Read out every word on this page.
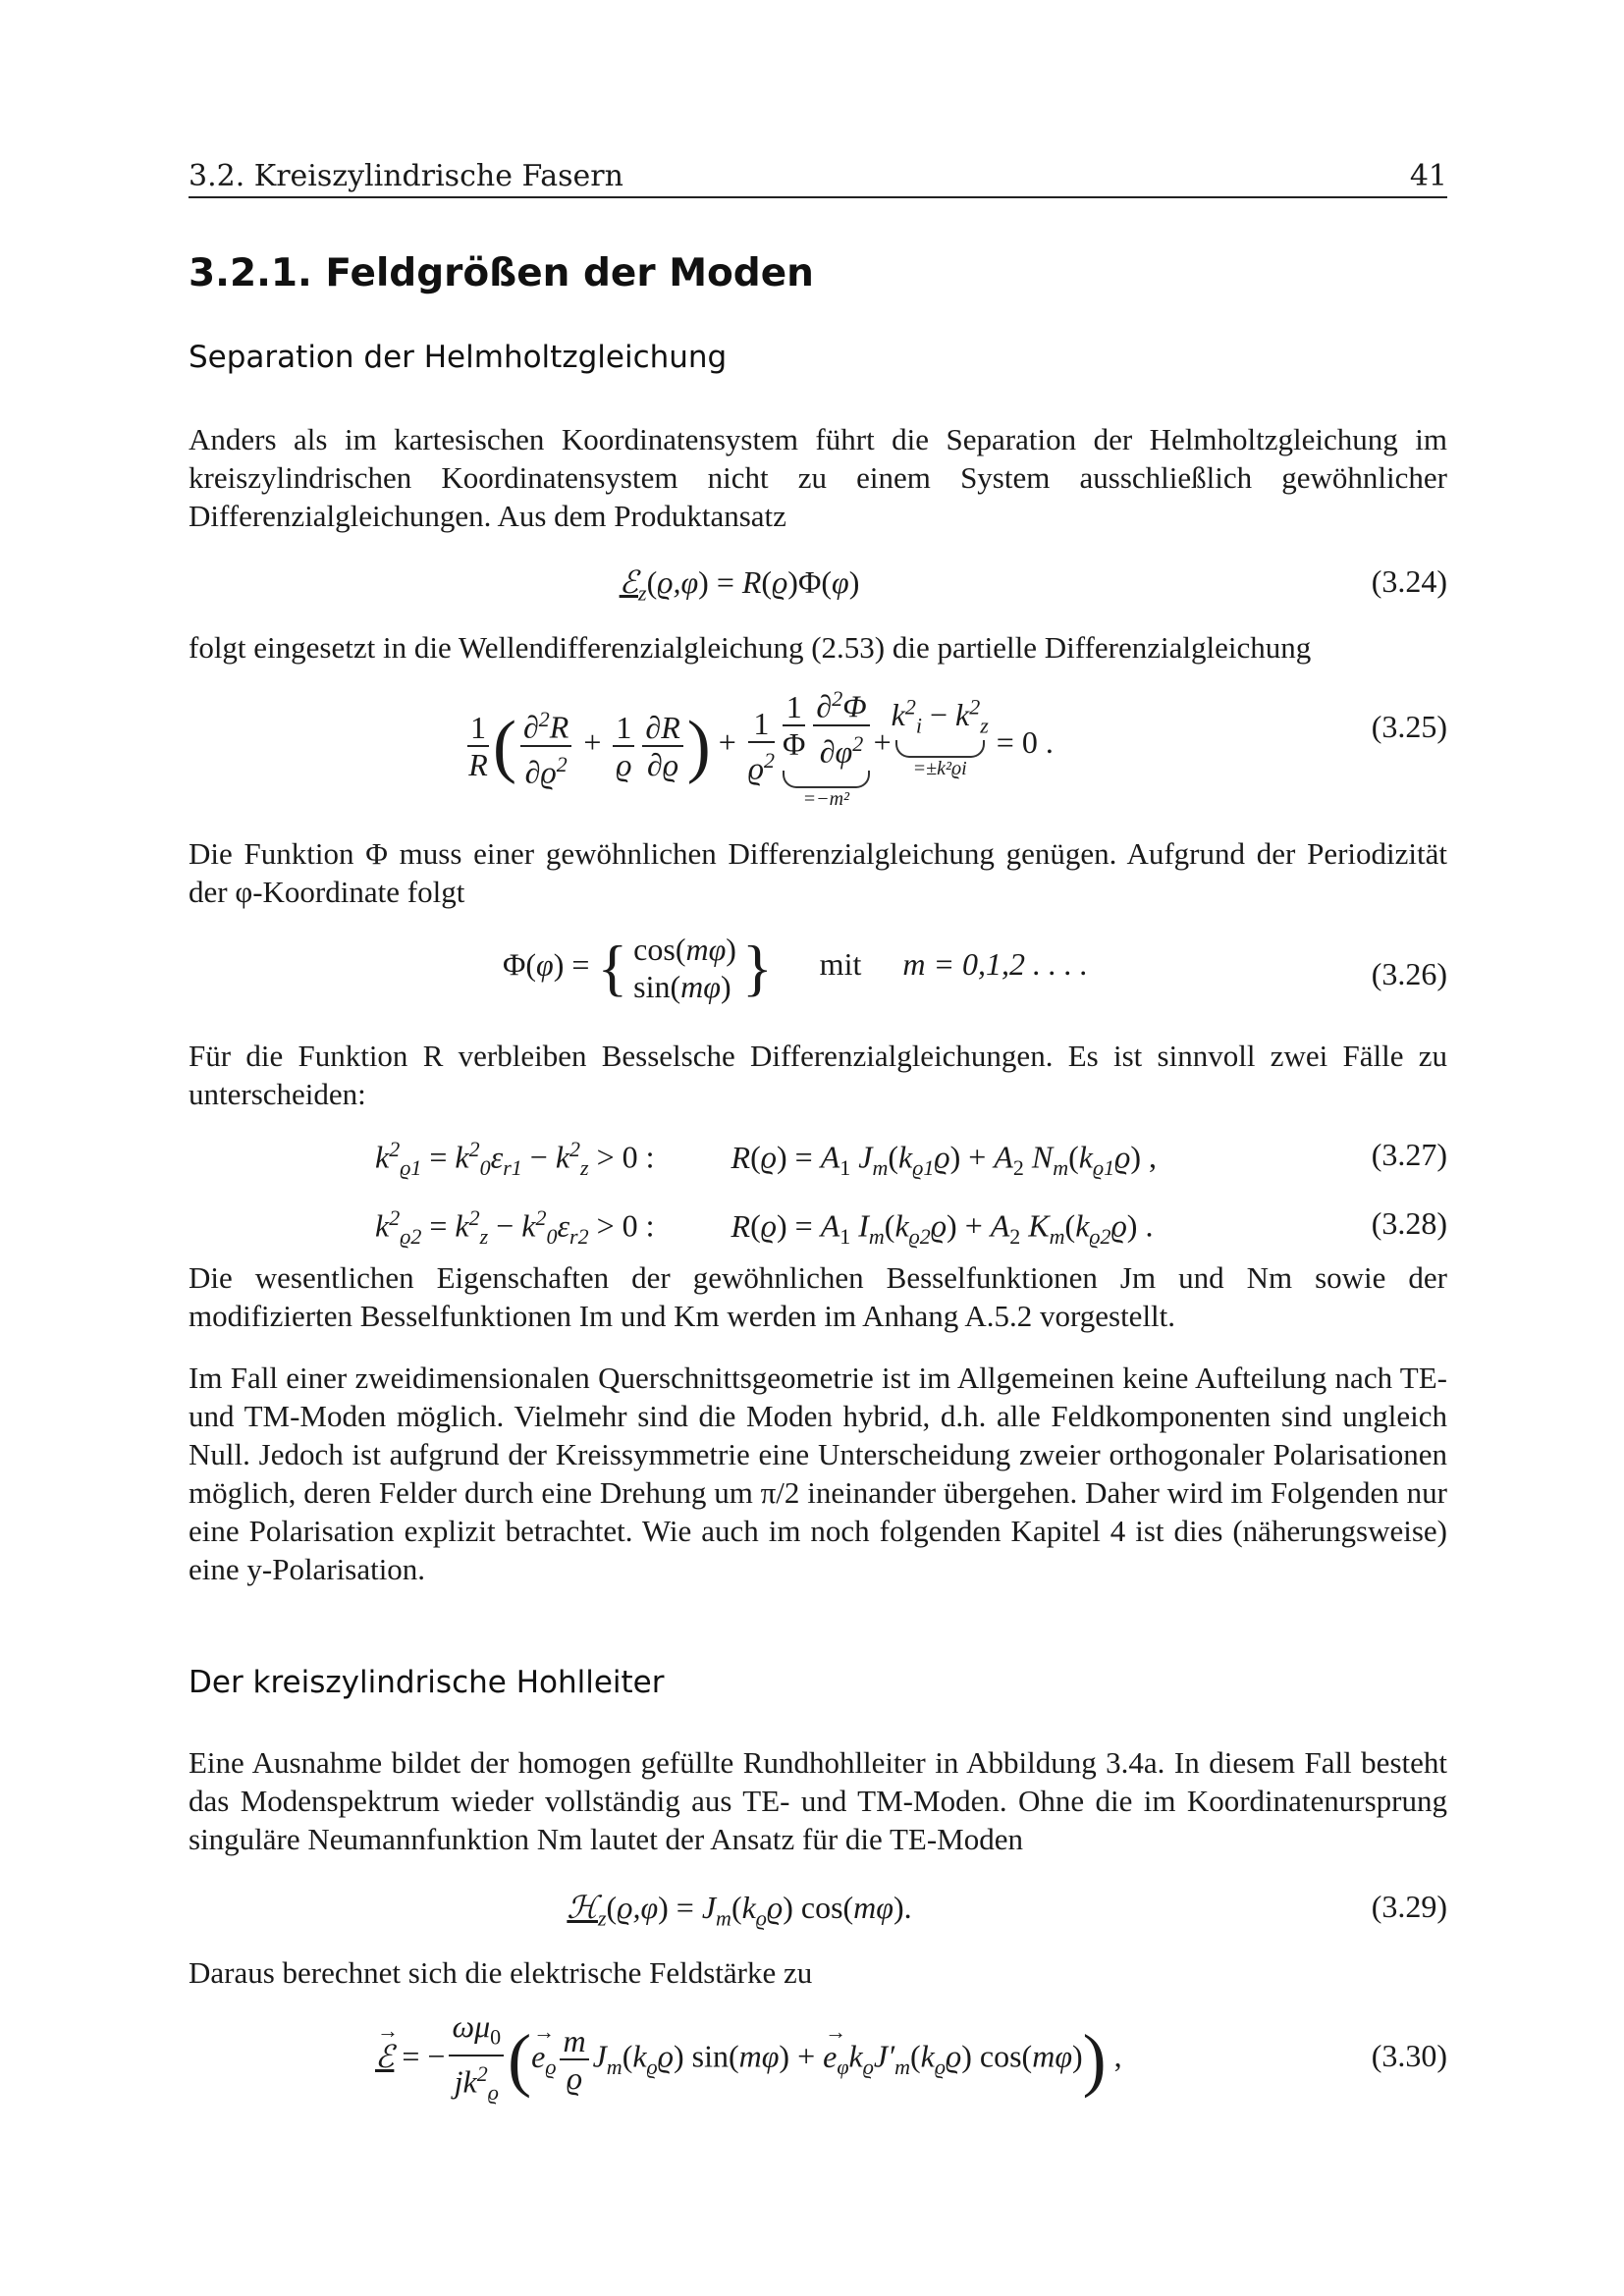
3.2. Kreiszylindrische Fasern	41
3.2.1. Feldgrößen der Moden
Separation der Helmholtzgleichung

Anders als im kartesischen Koordinatensystem führt die Separation der Helmholtzgleichung im kreiszylindrischen Koordinatensystem nicht zu einem System ausschließlich gewöhnlicher Differenzialgleichungen. Aus dem Produktansatz

ℰ$_z$(ϱ,φ) = R(ϱ)Φ(φ)	(3.24)

folgt eingesetzt in die Wellendifferenzialgleichung (2.53) die partielle Differenzialgleichung

$\frac{1}{R}$ ( $\frac{\partial^2R}{\partial ϱ^2} + \frac{1}{ϱ} \frac{\partial R}{\partial ϱ}$ ) + $\frac{1}{ϱ^2} \frac{1}{\Phi} \frac{\partial^2\Phi}{\partial\varphi^2}$
=−m²
$+k^2_i - k^2_z$
=±k²ϱi
= 0 .	(3.25)

Die Funktion Φ muss einer gewöhnlichen Differenzialgleichung genügen. Aufgrund der Periodizität der φ-Koordinate folgt

Φ(φ) = { cos(mφ)
sin(mφ) } mit m = 0,1,2 . . . .	(3.26)

Für die Funktion R verbleiben Besselsche Differenzialgleichungen. Es ist sinnvoll zwei Fälle zu unterscheiden:

$k^2_{ϱ1} = k^2_0\varepsilon_{r1} - k^2_z > 0$ : $R(ϱ) = A_1$ $J_m(k_{ϱ1}ϱ) + A_2$ $N_m(k_{ϱ1}ϱ)$ ,	(3.27)
$k^2_{ϱ2} = k^2_z - k^2_0\varepsilon_{r2} > 0$ : $R(ϱ) = A_1$ $I_m(k_{ϱ2}ϱ) + A_2$ $K_m(k_{ϱ2}ϱ)$ .	(3.28)

Die wesentlichen Eigenschaften der gewöhnlichen Besselfunktionen Jm und Nm sowie der modifizierten Besselfunktionen Im und Km werden im Anhang A.5.2 vorgestellt.

Im Fall einer zweidimensionalen Querschnittsgeometrie ist im Allgemeinen keine Aufteilung nach TE- und TM-Moden möglich. Vielmehr sind die Moden hybrid, d.h. alle Feldkomponenten sind ungleich Null. Jedoch ist aufgrund der Kreissymmetrie eine Unterscheidung zweier orthogonaler Polarisationen möglich, deren Felder durch eine Drehung um π/2 ineinander übergehen. Daher wird im Folgenden nur eine Polarisation explizit betrachtet. Wie auch im noch folgenden Kapitel 4 ist dies (näherungsweise) eine y-Polarisation.

Der kreiszylindrische Hohlleiter

Eine Ausnahme bildet der homogen gefüllte Rundhohlleiter in Abbildung 3.4a. In diesem Fall besteht das Modenspektrum wieder vollständig aus TE- und TM-Moden. Ohne die im Koordinatenursprung singuläre Neumannfunktion Nm lautet der Ansatz für die TE-Moden

ℋ$_z$(ϱ,φ) = $J_m(k_ϱϱ)$ cos(mφ).	(3.29)

Daraus berechnet sich die elektrische Feldstärke zu

→ ℰ = − $\frac{\omega\mu_0}{jk^2_ϱ}$ (→ $e_ϱ \frac{m}{ϱ} J_m(k_ϱϱ) \sin(m\varphi)$ + → $e_\varphi k_ϱJ'_m(k_ϱϱ)$ cos(mφ)) ,	(3.30)
